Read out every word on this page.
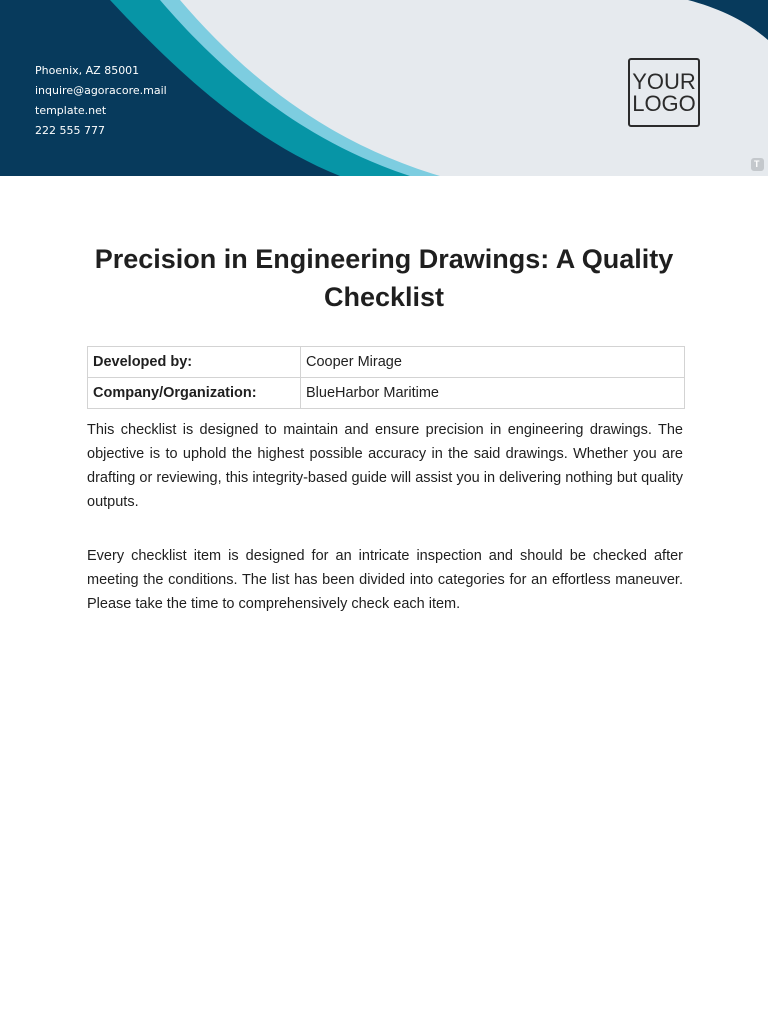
Phoenix, AZ 85001
inquire@agoracore.mail
template.net
222 555 777
YOUR
LOGO
T
Precision in Engineering Drawings: A Quality Checklist
Developed by:	Cooper Mirage
Company/Organization:	BlueHarbor Maritime

This checklist is designed to maintain and ensure precision in engineering drawings. The objective is to uphold the highest possible accuracy in the said drawings. Whether you are drafting or reviewing, this integrity-based guide will assist you in delivering nothing but quality outputs.

Every checklist item is designed for an intricate inspection and should be checked after meeting the conditions. The list has been divided into categories for an effortless maneuver. Please take the time to comprehensively check each item.
